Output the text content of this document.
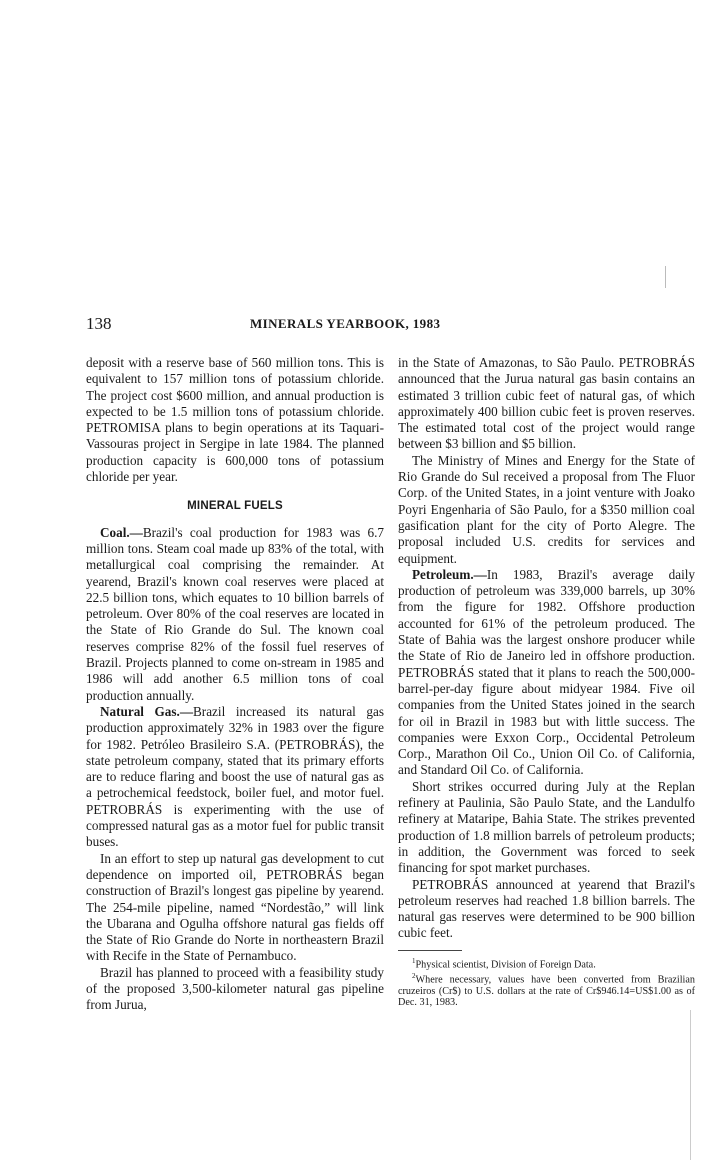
138	MINERALS YEARBOOK, 1983

deposit with a reserve base of 560 million tons. This is equivalent to 157 million tons of potassium chloride. The project cost $600 million, and annual production is expected to be 1.5 million tons of potassium chloride. PETROMISA plans to begin operations at its Taquari-Vassouras project in Sergipe in late 1984. The planned production capacity is 600,000 tons of potassium chloride per year.

MINERAL FUELS

Coal.—Brazil's coal production for 1983 was 6.7 million tons. Steam coal made up 83% of the total, with metallurgical coal comprising the remainder. At yearend, Brazil's known coal reserves were placed at 22.5 billion tons, which equates to 10 billion barrels of petroleum. Over 80% of the coal reserves are located in the State of Rio Grande do Sul. The known coal reserves comprise 82% of the fossil fuel reserves of Brazil. Projects planned to come on-stream in 1985 and 1986 will add another 6.5 million tons of coal production annually.

Natural Gas.—Brazil increased its natural gas production approximately 32% in 1983 over the figure for 1982. Petróleo Brasileiro S.A. (PETROBRÁS), the state petroleum company, stated that its primary efforts are to reduce flaring and boost the use of natural gas as a petrochemical feedstock, boiler fuel, and motor fuel. PETROBRÁS is experimenting with the use of compressed natural gas as a motor fuel for public transit buses.

In an effort to step up natural gas development to cut dependence on imported oil, PETROBRÁS began construction of Brazil's longest gas pipeline by yearend. The 254-mile pipeline, named “Nordestão,” will link the Ubarana and Ogulha offshore natural gas fields off the State of Rio Grande do Norte in northeastern Brazil with Recife in the State of Pernambuco.

Brazil has planned to proceed with a feasibility study of the proposed 3,500-kilometer natural gas pipeline from Jurua,

in the State of Amazonas, to São Paulo. PETROBRÁS announced that the Jurua natural gas basin contains an estimated 3 trillion cubic feet of natural gas, of which approximately 400 billion cubic feet is proven reserves. The estimated total cost of the project would range between $3 billion and $5 billion.

The Ministry of Mines and Energy for the State of Rio Grande do Sul received a proposal from The Fluor Corp. of the United States, in a joint venture with Joako Poyri Engenharia of São Paulo, for a $350 million coal gasification plant for the city of Porto Alegre. The proposal included U.S. credits for services and equipment.

Petroleum.—In 1983, Brazil's average daily production of petroleum was 339,000 barrels, up 30% from the figure for 1982. Offshore production accounted for 61% of the petroleum produced. The State of Bahia was the largest onshore producer while the State of Rio de Janeiro led in offshore production. PETROBRÁS stated that it plans to reach the 500,000-barrel-per-day figure about midyear 1984. Five oil companies from the United States joined in the search for oil in Brazil in 1983 but with little success. The companies were Exxon Corp., Occidental Petroleum Corp., Marathon Oil Co., Union Oil Co. of California, and Standard Oil Co. of California.

Short strikes occurred during July at the Replan refinery at Paulinia, São Paulo State, and the Landulfo refinery at Mataripe, Bahia State. The strikes prevented production of 1.8 million barrels of petroleum products; in addition, the Government was forced to seek financing for spot market purchases.

PETROBRÁS announced at yearend that Brazil's petroleum reserves had reached 1.8 billion barrels. The natural gas reserves were determined to be 900 billion cubic feet.

$^1$Physical scientist, Division of Foreign Data.

$^2$Where necessary, values have been converted from Brazilian cruzeiros (Cr$) to U.S. dollars at the rate of Cr$946.14=US$1.00 as of Dec. 31, 1983.
